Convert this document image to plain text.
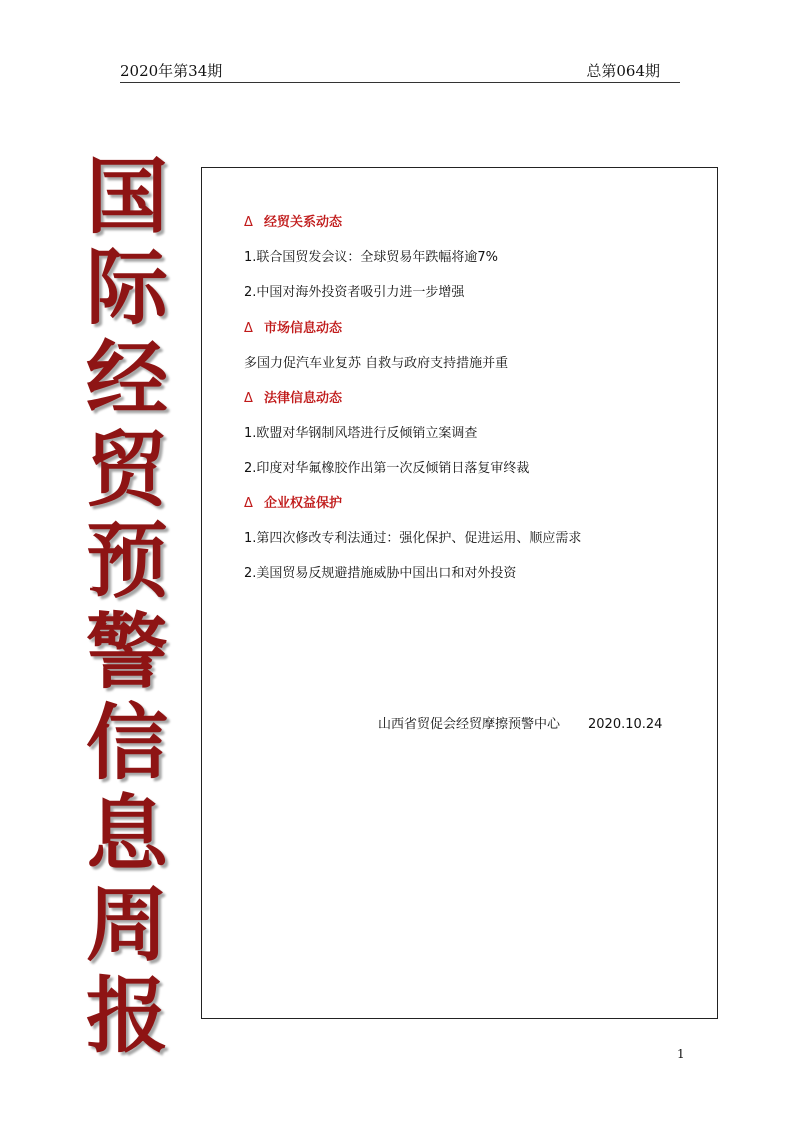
2020年第34期	总第064期
国
际
经
贸
预
警
信
息
周
报
Δ 经贸关系动态
1.联合国贸发会议：全球贸易年跌幅将逾7%
2.中国对海外投资者吸引力进一步增强
Δ 市场信息动态
多国力促汽车业复苏 自救与政府支持措施并重
Δ 法律信息动态
1.欧盟对华钢制风塔进行反倾销立案调查
2.印度对华氟橡胶作出第一次反倾销日落复审终裁
Δ 企业权益保护
1.第四次修改专利法通过：强化保护、促进运用、顺应需求
2.美国贸易反规避措施威胁中国出口和对外投资
山西省贸促会经贸摩擦预警中心 2020.10.24
1
